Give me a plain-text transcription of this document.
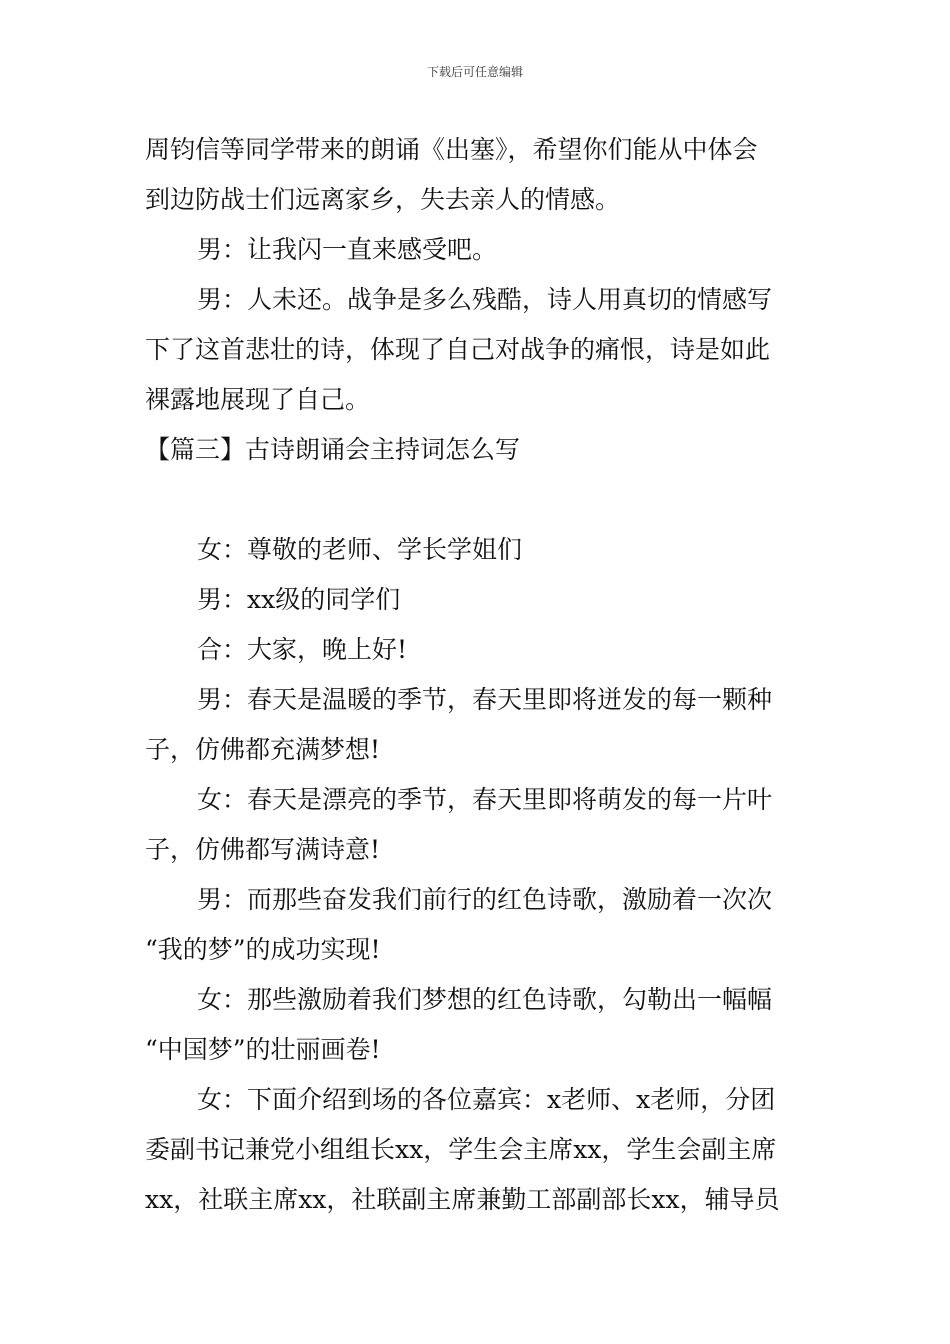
下载后可任意编辑
周钧信等同学带来的朗诵《出塞》，希望你们能从中体会
到边防战士们远离家乡，失去亲人的情感。
男：让我闪一直来感受吧。
男：人未还。战争是多么残酷，诗人用真切的情感写
下了这首悲壮的诗，体现了自己对战争的痛恨，诗是如此
裸露地展现了自己。
【篇三】古诗朗诵会主持词怎么写
女：尊敬的老师、学长学姐们
男：xx级的同学们
合：大家，晚上好!
男：春天是温暖的季节，春天里即将迸发的每一颗种
子，仿佛都充满梦想!
女：春天是漂亮的季节，春天里即将萌发的每一片叶
子，仿佛都写满诗意!
男：而那些奋发我们前行的红色诗歌，激励着一次次
“我的梦”的成功实现!
女：那些激励着我们梦想的红色诗歌，勾勒出一幅幅
“中国梦”的壮丽画卷!
女：下面介绍到场的各位嘉宾：x老师、x老师，分团
委副书记兼党小组组长xx，学生会主席xx，学生会副主席
xx，社联主席xx，社联副主席兼勤工部副部长xx，辅导员
